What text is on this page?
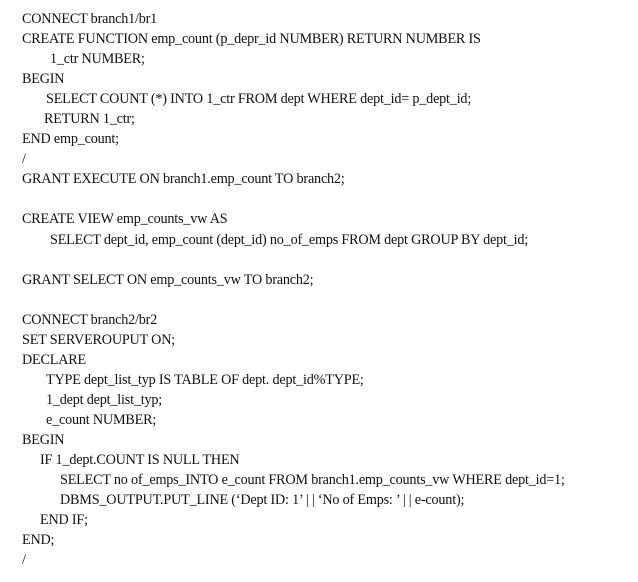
CONNECT branch1/br1
CREATE FUNCTION emp_count (p_depr_id NUMBER) RETURN NUMBER IS
1_ctr NUMBER;
BEGIN
SELECT COUNT (*) INTO 1_ctr FROM dept WHERE dept_id= p_dept_id;
RETURN 1_ctr;
END emp_count;
/
GRANT EXECUTE ON branch1.emp_count TO branch2;
CREATE VIEW emp_counts_vw AS
SELECT dept_id, emp_count (dept_id) no_of_emps FROM dept GROUP BY dept_id;
GRANT SELECT ON emp_counts_vw TO branch2;
CONNECT branch2/br2
SET SERVEROUPUT ON;
DECLARE
TYPE dept_list_typ IS TABLE OF dept. dept_id%TYPE;
1_dept dept_list_typ;
e_count NUMBER;
BEGIN
IF 1_dept.COUNT IS NULL THEN
SELECT no of_emps_INTO e_count FROM branch1.emp_counts_vw WHERE dept_id=1;
DBMS_OUTPUT.PUT_LINE (‘Dept ID: 1’ | | ‘No of Emps: ’ | | e-count);
END IF;
END;
/
